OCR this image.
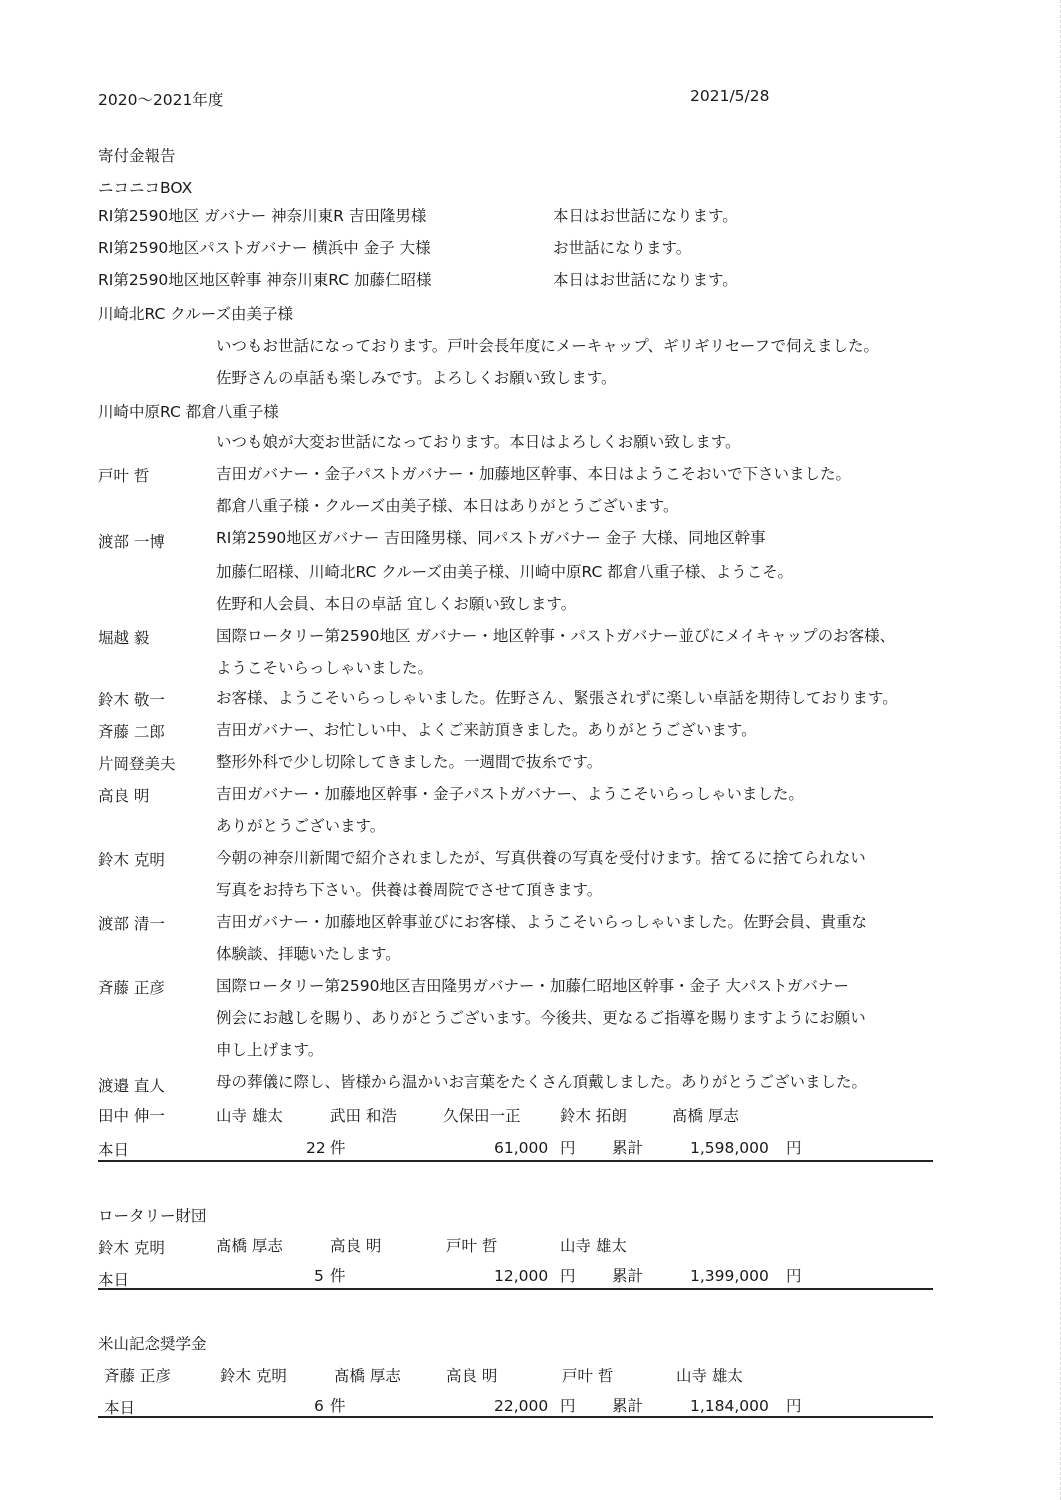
2020～2021年度	2021/5/28
寄付金報告
ニコニコBOX
RI第2590地区 ガバナー 神奈川東R 吉田隆男様	本日はお世話になります。
RI第2590地区パストガバナー 横浜中 金子 大様	お世話になります。
RI第2590地区地区幹事 神奈川東RC 加藤仁昭様	本日はお世話になります。
川崎北RC クルーズ由美子様
いつもお世話になっております。戸叶会長年度にメーキャップ、ギリギリセーフで伺えました。
佐野さんの卓話も楽しみです。よろしくお願い致します。
川崎中原RC 都倉八重子様
いつも娘が大変お世話になっております。本日はよろしくお願い致します。
戸叶 哲	吉田ガバナー・金子パストガバナー・加藤地区幹事、本日はようこそおいで下さいました。
都倉八重子様・クルーズ由美子様、本日はありがとうございます。
渡部 一博	RI第2590地区ガバナー 吉田隆男様、同パストガバナー 金子 大様、同地区幹事
加藤仁昭様、川崎北RC クルーズ由美子様、川崎中原RC 都倉八重子様、ようこそ。
佐野和人会員、本日の卓話 宜しくお願い致します。
堀越 毅	国際ロータリー第2590地区 ガバナー・地区幹事・パストガバナー並びにメイキャップのお客様、
ようこそいらっしゃいました。
鈴木 敬一	お客様、ようこそいらっしゃいました。佐野さん、緊張されずに楽しい卓話を期待しております。
斉藤 二郎	吉田ガバナー、お忙しい中、よくご来訪頂きました。ありがとうございます。
片岡登美夫	整形外科で少し切除してきました。一週間で抜糸です。
高良 明	吉田ガバナー・加藤地区幹事・金子パストガバナー、ようこそいらっしゃいました。
ありがとうございます。
鈴木 克明	今朝の神奈川新聞で紹介されましたが、写真供養の写真を受付けます。捨てるに捨てられない
写真をお持ち下さい。供養は養周院でさせて頂きます。
渡部 清一	吉田ガバナー・加藤地区幹事並びにお客様、ようこそいらっしゃいました。佐野会員、貴重な
体験談、拝聴いたします。
斉藤 正彦	国際ロータリー第2590地区吉田隆男ガバナー・加藤仁昭地区幹事・金子 大パストガバナー
例会にお越しを賜り、ありがとうございます。今後共、更なるご指導を賜りますようにお願い
申し上げます。
渡邉 直人	母の葬儀に際し、皆様から温かいお言葉をたくさん頂戴しました。ありがとうございました。
田中 伸一	山寺 雄太	武田 和浩	久保田一正	鈴木 拓朗	髙橋 厚志
本日	22 件	61,000 円 累計	1,598,000 円
ロータリー財団
鈴木 克明	髙橋 厚志	高良 明	戸叶 哲	山寺 雄太
本日	5 件	12,000 円 累計	1,399,000 円
米山記念奨学金
斉藤 正彦	鈴木 克明	髙橋 厚志	高良 明	戸叶 哲	山寺 雄太
本日	6 件	22,000 円 累計	1,184,000 円
